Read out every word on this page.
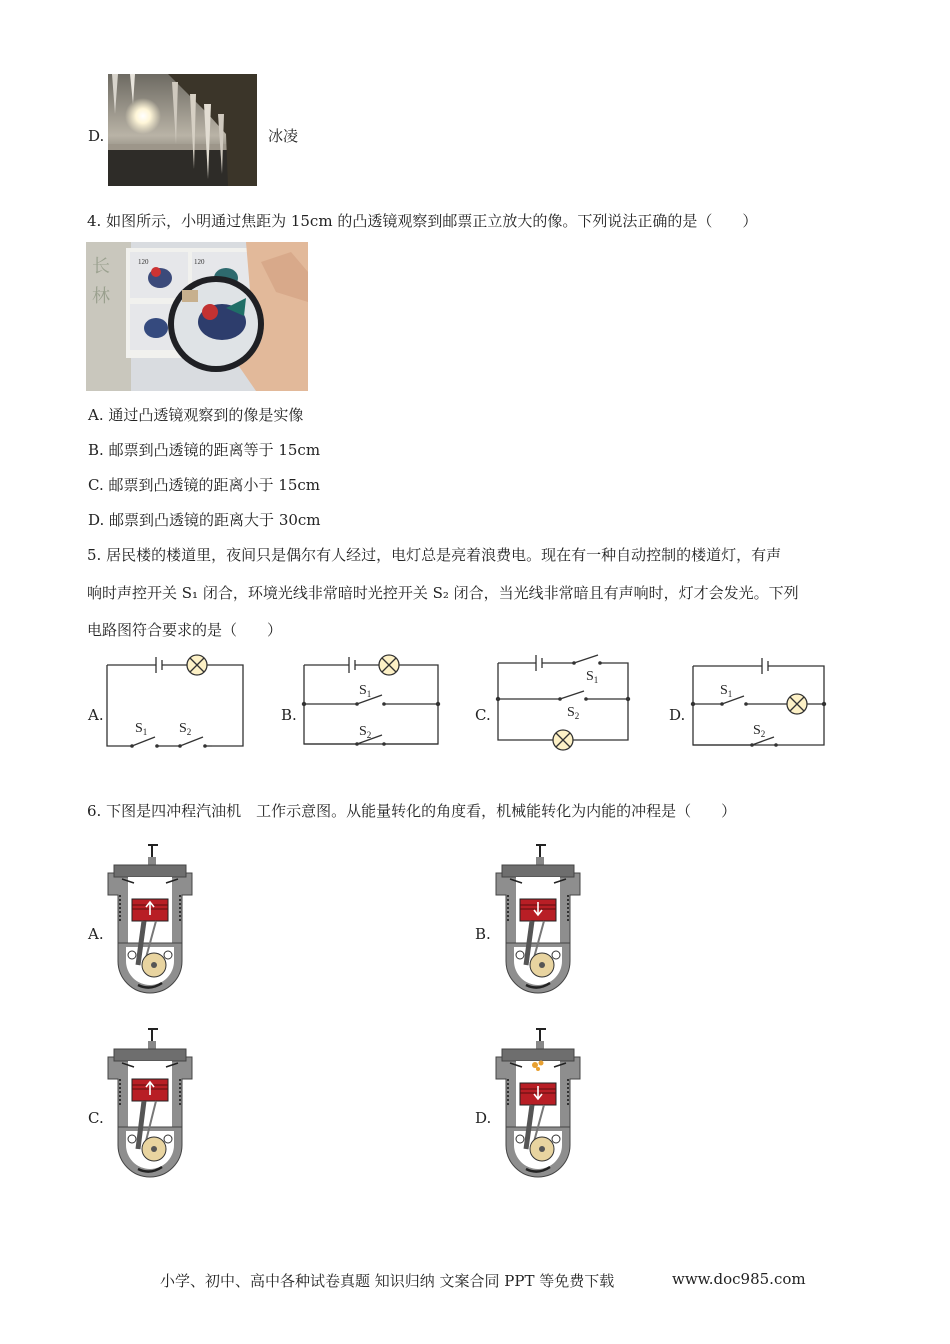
D.	冰凌
4. 如图所示，小明通过焦距为 15cm 的凸透镜观察到邮票正立放大的像。下列说法正确的是（　　）
长
林
120	120
A. 通过凸透镜观察到的像是实像
B. 邮票到凸透镜的距离等于 15cm
C. 邮票到凸透镜的距离小于 15cm
D. 邮票到凸透镜的距离大于 30cm
5. 居民楼的楼道里，夜间只是偶尔有人经过，电灯总是亮着浪费电。现在有一种自动控制的楼道灯，有声
响时声控开关 S₁ 闭合，环境光线非常暗时光控开关 S₂ 闭合，当光线非常暗且有声响时，灯才会发光。下列
电路图符合要求的是（　　）
A.
$S_1$ $S_2$
B.
$S_1$
$S_2$
C.
$S_1$
$S_2$	D.
$S_1$
$S_2$
6. 下图是四冲程汽油机　工作示意图。从能量转化的角度看，机械能转化为内能的冲程是（　　）
A.	B.
C.	D.
小学、初中、高中各种试卷真题 知识归纳 文案合同 PPT 等免费下载	www.doc985.com
